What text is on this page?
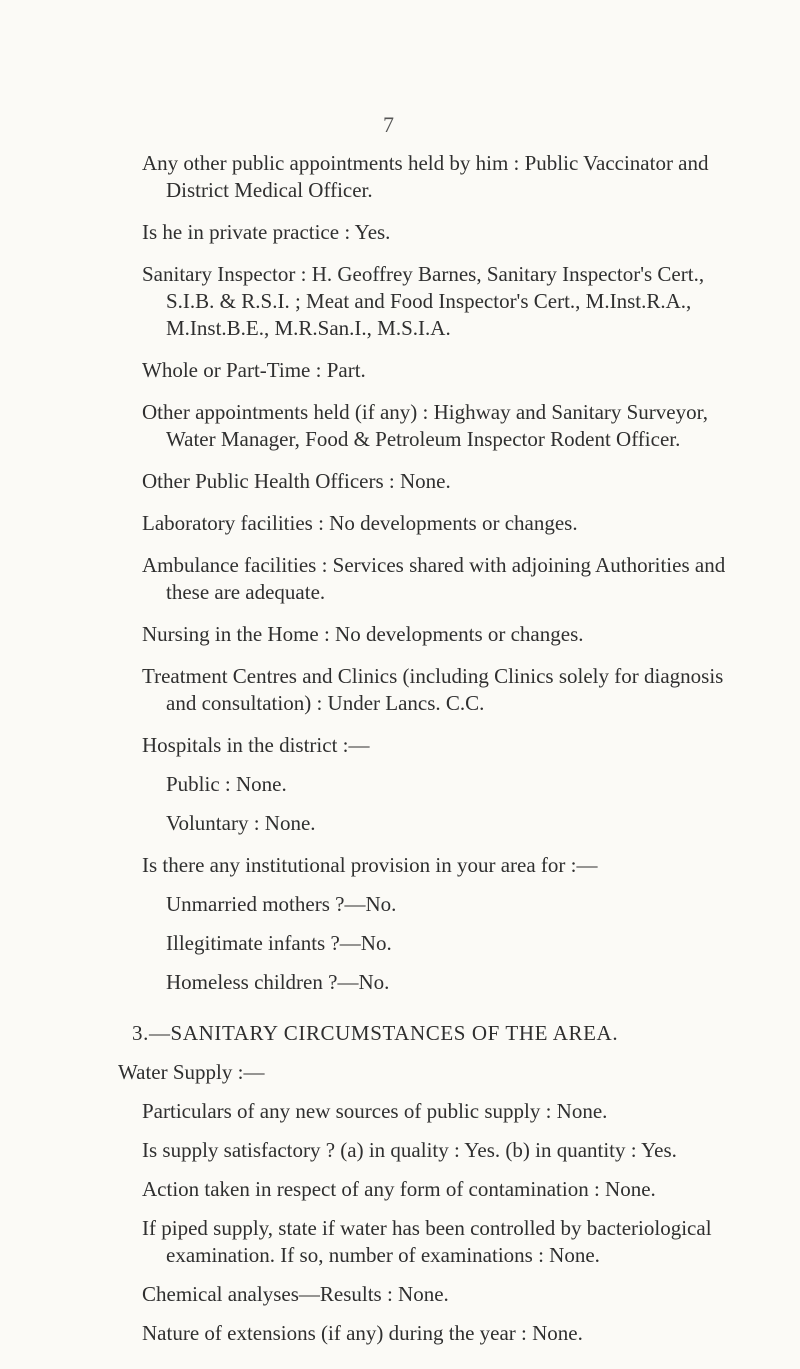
7

Any other public appointments held by him : Public Vaccinator and District Medical Officer.

Is he in private practice : Yes.

Sanitary Inspector : H. Geoffrey Barnes, Sanitary Inspector's Cert., S.I.B. & R.S.I. ; Meat and Food Inspector's Cert., M.Inst.R.A., M.Inst.B.E., M.R.San.I., M.S.I.A.

Whole or Part-Time : Part.

Other appointments held (if any) : Highway and Sanitary Surveyor, Water Manager, Food & Petroleum Inspector Rodent Officer.

Other Public Health Officers : None.

Laboratory facilities : No developments or changes.

Ambulance facilities : Services shared with adjoining Authorities and these are adequate.

Nursing in the Home : No developments or changes.

Treatment Centres and Clinics (including Clinics solely for diagnosis and consultation) : Under Lancs. C.C.

Hospitals in the district :—

Public : None.

Voluntary : None.

Is there any institutional provision in your area for :—

Unmarried mothers ?—No.

Illegitimate infants ?—No.

Homeless children ?—No.

3.—SANITARY CIRCUMSTANCES OF THE AREA.

Water Supply :—

Particulars of any new sources of public supply : None.

Is supply satisfactory ? (a) in quality : Yes. (b) in quantity : Yes.

Action taken in respect of any form of contamination : None.

If piped supply, state if water has been controlled by bacteriological examination. If so, number of examinations : None.

Chemical analyses—Results : None.

Nature of extensions (if any) during the year : None.
